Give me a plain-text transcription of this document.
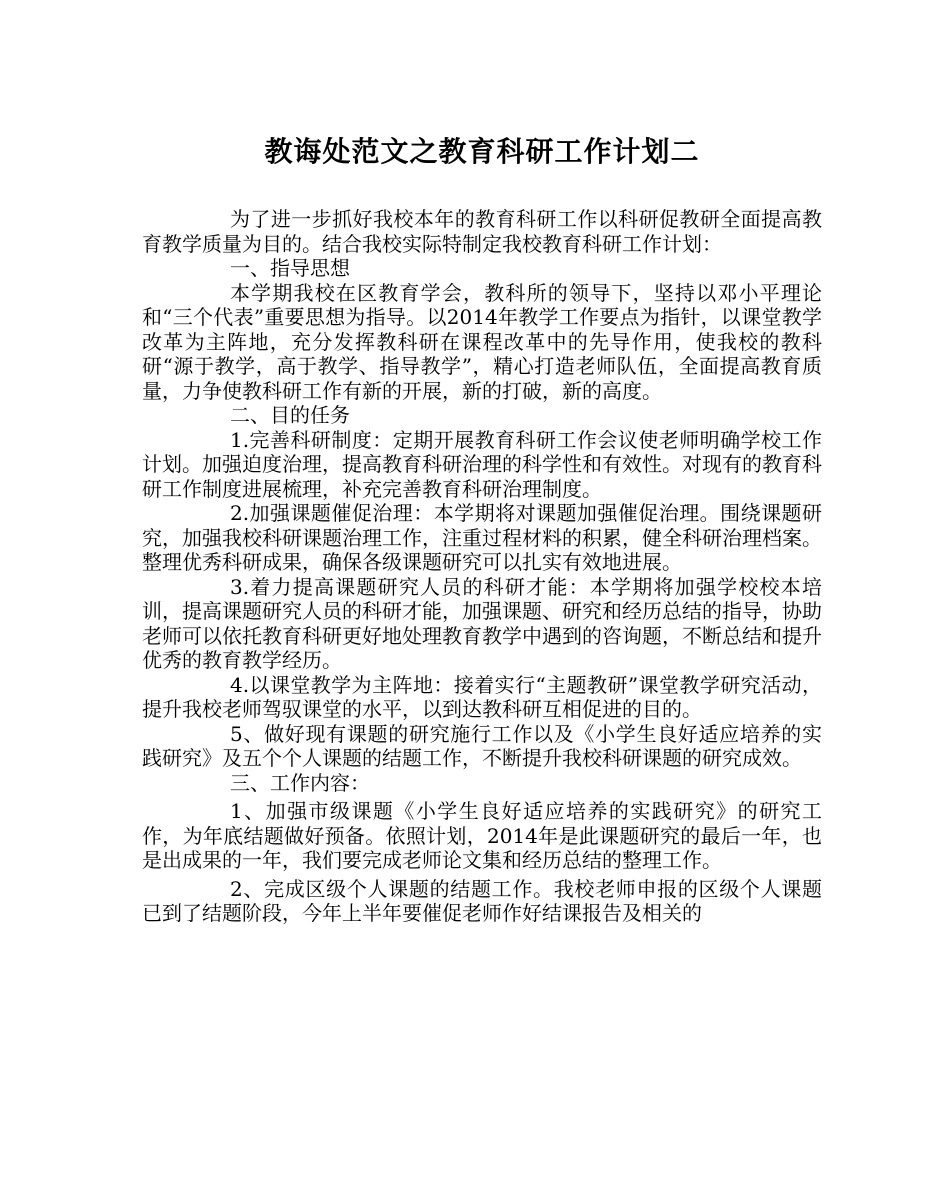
教诲处范文之教育科研工作计划二

为了进一步抓好我校本年的教育科研工作以科研促教研全面提高教育教学质量为目的。结合我校实际特制定我校教育科研工作计划：

一、指导思想

本学期我校在区教育学会，教科所的领导下，坚持以邓小平理论和“三个代表”重要思想为指导。以2014年教学工作要点为指针，以课堂教学改革为主阵地，充分发挥教科研在课程改革中的先导作用，使我校的教科研“源于教学，高于教学、指导教学”，精心打造老师队伍，全面提高教育质量，力争使教科研工作有新的开展，新的打破，新的高度。

二、目的任务

1.完善科研制度：定期开展教育科研工作会议使老师明确学校工作计划。加强迫度治理，提高教育科研治理的科学性和有效性。对现有的教育科研工作制度进展梳理，补充完善教育科研治理制度。

2.加强课题催促治理：本学期将对课题加强催促治理。围绕课题研究，加强我校科研课题治理工作，注重过程材料的积累，健全科研治理档案。整理优秀科研成果，确保各级课题研究可以扎实有效地进展。

3.着力提高课题研究人员的科研才能：本学期将加强学校校本培训，提高课题研究人员的科研才能，加强课题、研究和经历总结的指导，协助老师可以依托教育科研更好地处理教育教学中遇到的咨询题，不断总结和提升优秀的教育教学经历。

4.以课堂教学为主阵地：接着实行“主题教研”课堂教学研究活动，提升我校老师驾驭课堂的水平，以到达教科研互相促进的目的。

5、做好现有课题的研究施行工作以及《小学生良好适应培养的实践研究》及五个个人课题的结题工作，不断提升我校科研课题的研究成效。

三、工作内容：

1、加强市级课题《小学生良好适应培养的实践研究》的研究工作，为年底结题做好预备。依照计划，2014年是此课题研究的最后一年，也是出成果的一年，我们要完成老师论文集和经历总结的整理工作。

2、完成区级个人课题的结题工作。我校老师申报的区级个人课题已到了结题阶段，今年上半年要催促老师作好结课报告及相关的
